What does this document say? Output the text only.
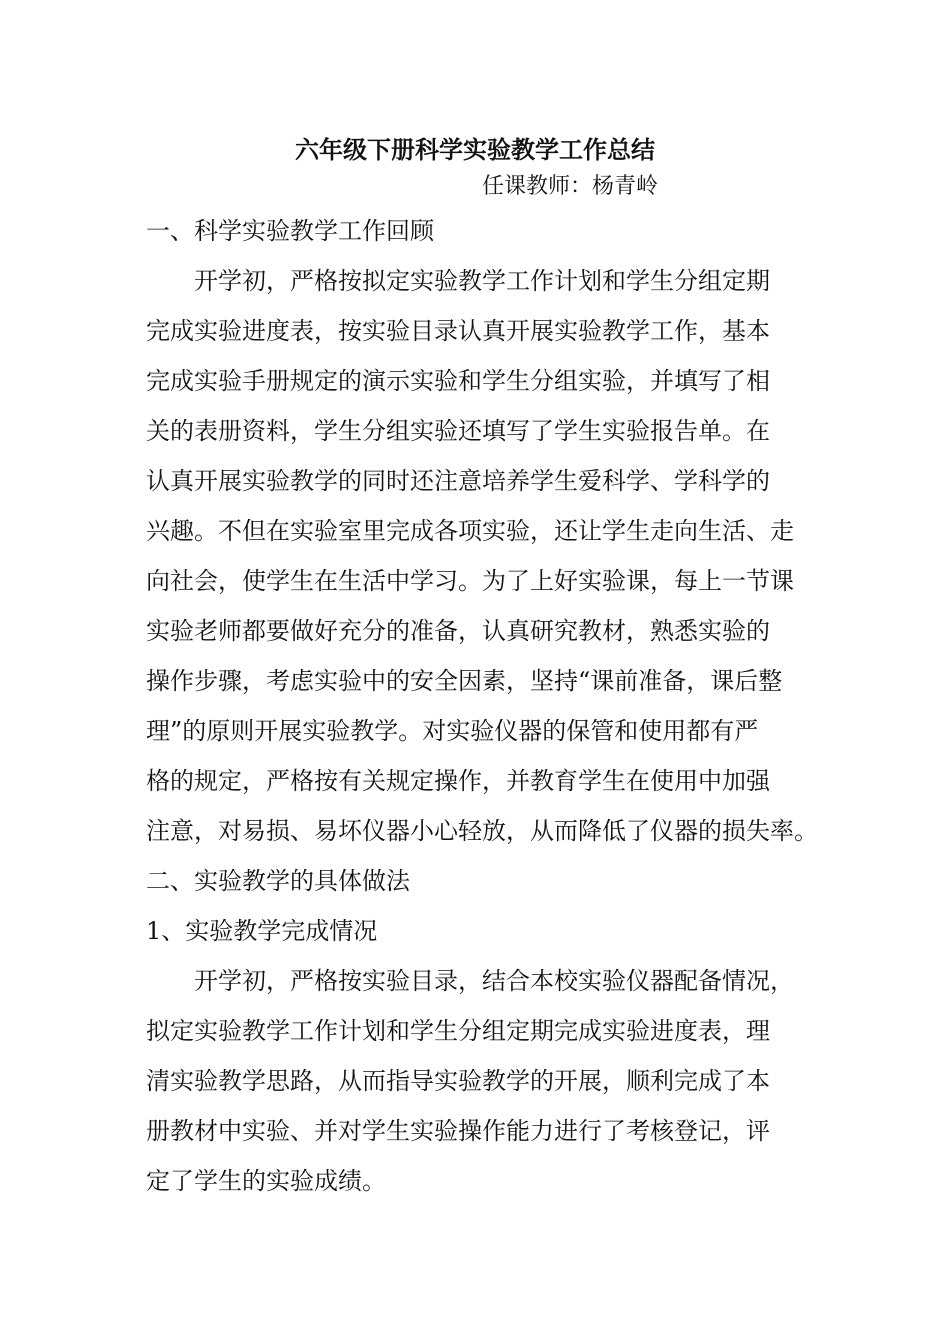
六年级下册科学实验教学工作总结
任课教师：杨青岭
一、科学实验教学工作回顾
开学初，严格按拟定实验教学工作计划和学生分组定期
完成实验进度表，按实验目录认真开展实验教学工作，基本
完成实验手册规定的演示实验和学生分组实验，并填写了相
关的表册资料，学生分组实验还填写了学生实验报告单。在
认真开展实验教学的同时还注意培养学生爱科学、学科学的
兴趣。不但在实验室里完成各项实验，还让学生走向生活、走
向社会，使学生在生活中学习。为了上好实验课，每上一节课
实验老师都要做好充分的准备，认真研究教材，熟悉实验的
操作步骤，考虑实验中的安全因素，坚持“课前准备，课后整
理”的原则开展实验教学。对实验仪器的保管和使用都有严
格的规定，严格按有关规定操作，并教育学生在使用中加强
注意，对易损、易坏仪器小心轻放，从而降低了仪器的损失率。
二、实验教学的具体做法
1、实验教学完成情况
开学初，严格按实验目录，结合本校实验仪器配备情况，
拟定实验教学工作计划和学生分组定期完成实验进度表，理
清实验教学思路，从而指导实验教学的开展，顺利完成了本
册教材中实验、并对学生实验操作能力进行了考核登记，评
定了学生的实验成绩。
